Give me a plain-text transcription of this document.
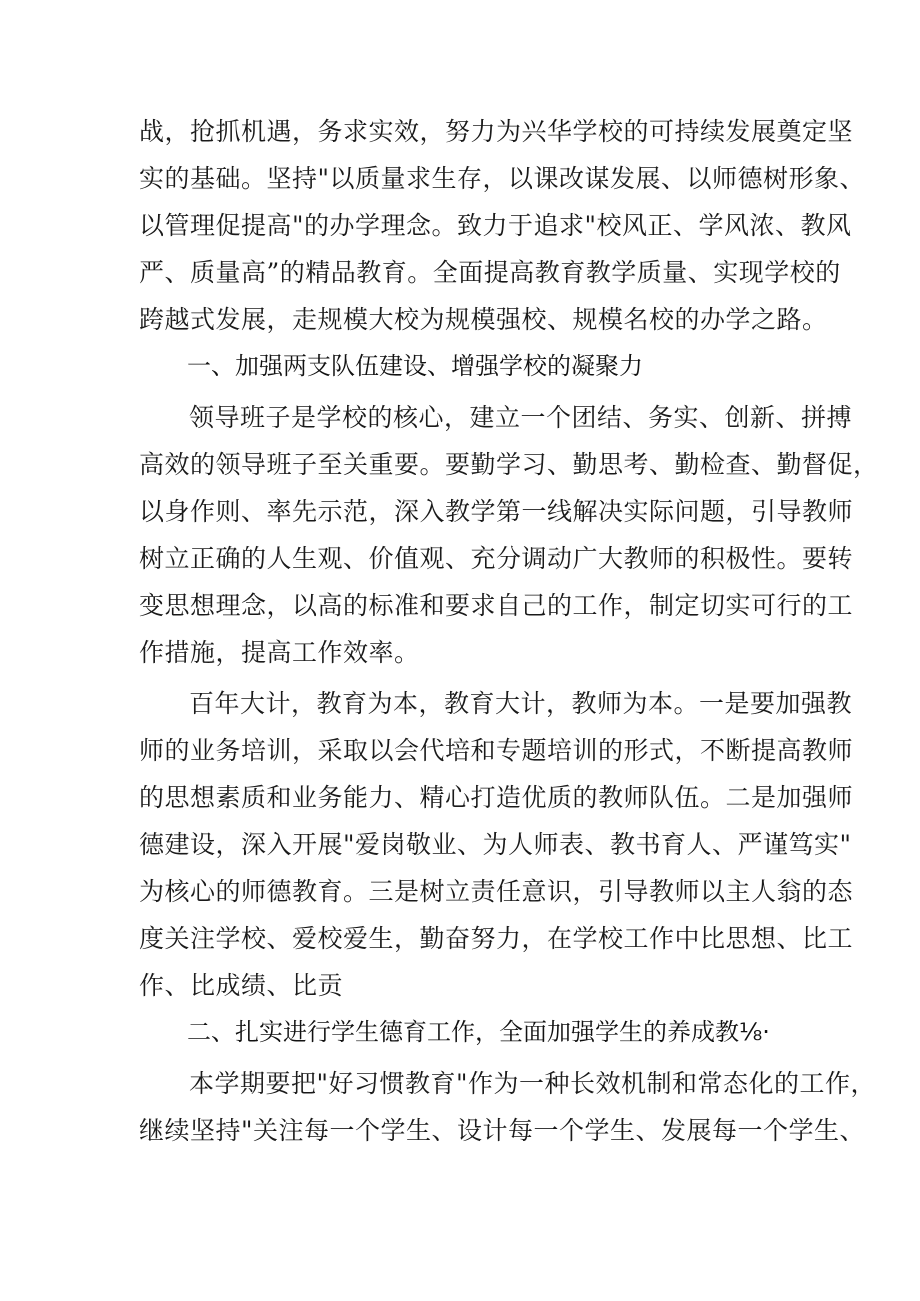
战，抢抓机遇，务求实效，努力为兴华学校的可持续发展奠定坚
实的基础。坚持"以质量求生存，以课改谋发展、以师德树形象、
以管理促提高"的办学理念。致力于追求"校风正、学风浓、教风
严、质量高”的精品教育。全面提高教育教学质量、实现学校的
跨越式发展，走规模大校为规模强校、规模名校的办学之路。
一、加强两支队伍建设、增强学校的凝聚力
领导班子是学校的核心，建立一个团结、务实、创新、拼搏
高效的领导班子至关重要。要勤学习、勤思考、勤检查、勤督促，
以身作则、率先示范，深入教学第一线解决实际问题，引导教师
树立正确的人生观、价值观、充分调动广大教师的积极性。要转
变思想理念，以高的标准和要求自己的工作，制定切实可行的工
作措施，提高工作效率。
百年大计，教育为本，教育大计，教师为本。一是要加强教
师的业务培训，采取以会代培和专题培训的形式，不断提高教师
的思想素质和业务能力、精心打造优质的教师队伍。二是加强师
德建设，深入开展"爱岗敬业、为人师表、教书育人、严谨笃实"
为核心的师德教育。三是树立责任意识，引导教师以主人翁的态
度关注学校、爱校爱生，勤奋努力，在学校工作中比思想、比工
作、比成绩、比贡
二、扎实进行学生德育工作，全面加强学生的养成教⅛·
本学期要把"好习惯教育"作为一种长效机制和常态化的工作，
继续坚持"关注每一个学生、设计每一个学生、发展每一个学生、
